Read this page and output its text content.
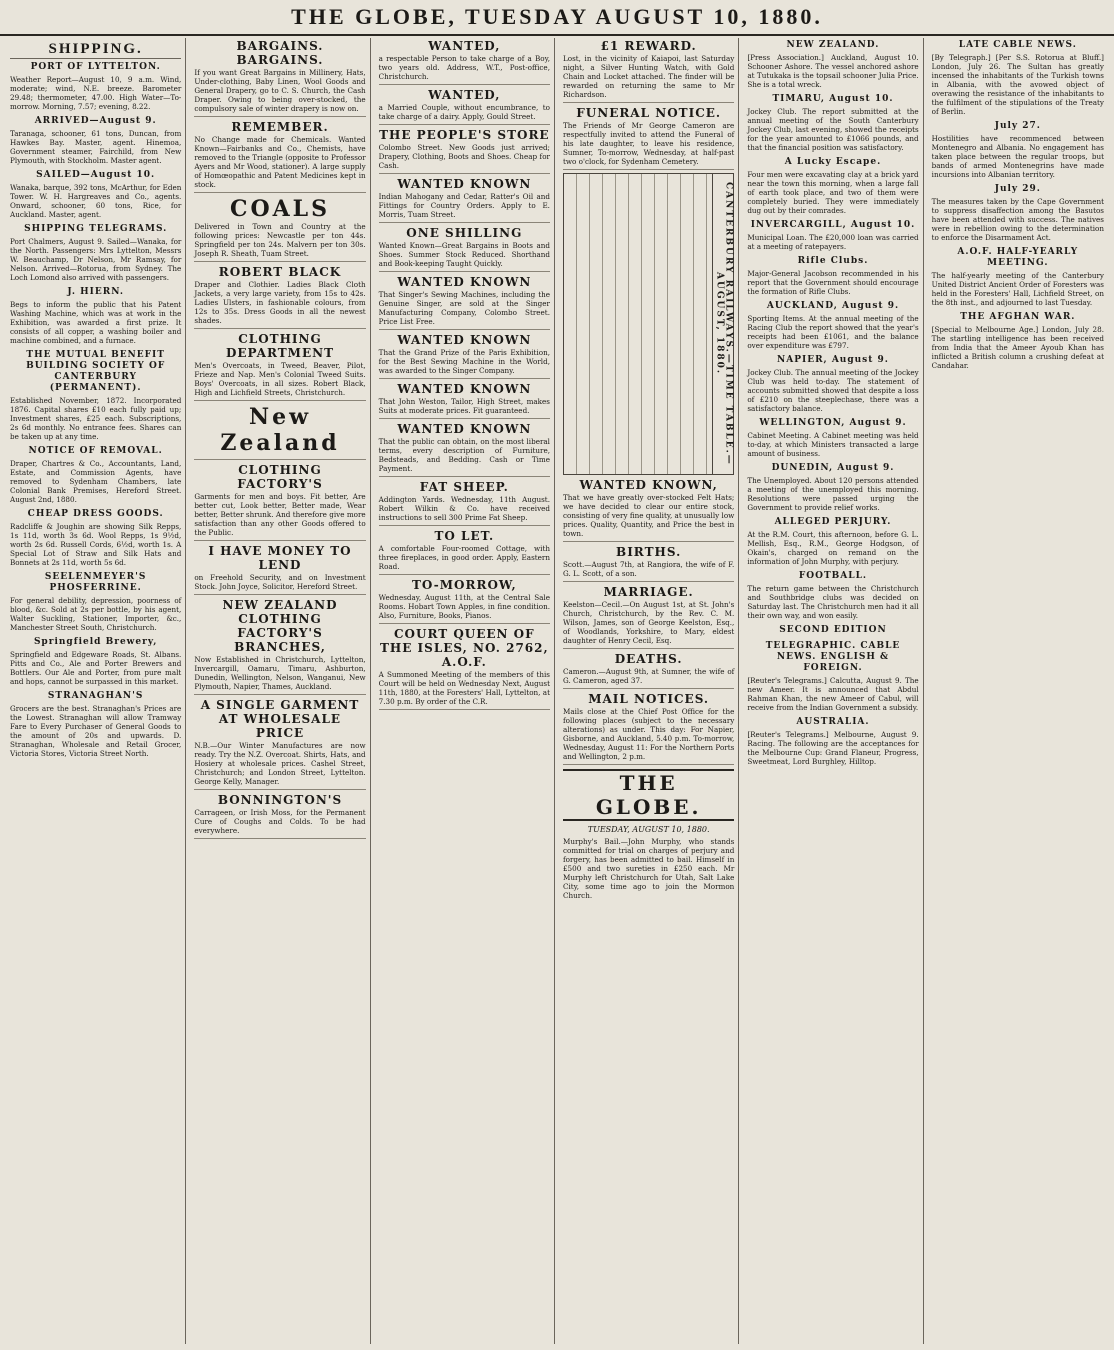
THE GLOBE, TUESDAY AUGUST 10, 1880.
SHIPPING.
PORT OF LYTTELTON.
Weather Report—August 10, 9 a.m. Wind, moderate; wind, N.E. breeze. Barometer 29.48; thermometer, 47.00. High Water—To-morrow. Morning, 7.57; evening, 8.22.
ARRIVED—August 9.
Taranaga, schooner, 61 tons, Duncan, from Hawkes Bay. Master, agent. Hinemoa, Government steamer, Fairchild, from New Plymouth, with Stockholm. Master agent.
SAILED—August 10.
Wanaka, barque, 392 tons, McArthur, for Eden Tower. W. H. Hargreaves and Co., agents. Onward, schooner, 60 tons, Rice, for Auckland. Master, agent.
SHIPPING TELEGRAMS.
Port Chalmers, August 9. Sailed—Wanaka, for the North. Passengers: Mrs Lyttelton, Messrs W. Beauchamp, Dr Nelson, Mr Ramsay, for Nelson. Arrived—Rotorua, from Sydney. The Loch Lomond also arrived with passengers.
J. HIERN.
Begs to inform the public that his Patent Washing Machine, which was at work in the Exhibition, was awarded a first prize. It consists of all copper, a washing boiler and machine combined, and a furnace.
THE MUTUAL BENEFIT BUILDING SOCIETY OF CANTERBURY (PERMANENT).
Established November, 1872. Incorporated 1876. Capital shares £10 each fully paid up; Investment shares, £25 each. Subscriptions, 2s 6d monthly. No entrance fees. Shares can be taken up at any time.
NOTICE OF REMOVAL.
Draper, Chartres & Co., Accountants, Land, Estate, and Commission Agents, have removed to Sydenham Chambers, late Colonial Bank Premises, Hereford Street. August 2nd, 1880.
CHEAP DRESS GOODS.
Radcliffe & Joughin are showing Silk Repps, 1s 11d, worth 3s 6d. Wool Repps, 1s 9½d, worth 2s 6d. Russell Cords, 6½d, worth 1s. A Special Lot of Straw and Silk Hats and Bonnets at 2s 11d, worth 5s 6d.
SEELENMEYER'S PHOSFERRINE.
For general debility, depression, poorness of blood, &c. Sold at 2s per bottle, by his agent, Walter Suckling, Stationer, Importer, &c., Manchester Street South, Christchurch.
Springfield Brewery,
Springfield and Edgeware Roads, St. Albans. Pitts and Co., Ale and Porter Brewers and Bottlers. Our Ale and Porter, from pure malt and hops, cannot be surpassed in this market.
STRANAGHAN'S
Grocers are the best. Stranaghan's Prices are the Lowest. Stranaghan will allow Tramway Fare to Every Purchaser of General Goods to the amount of 20s and upwards. D. Stranaghan, Wholesale and Retail Grocer, Victoria Stores, Victoria Street North.
BARGAINS. BARGAINS.
If you want Great Bargains in Millinery, Hats, Under-clothing, Baby Linen, Wool Goods and General Drapery, go to C. S. Church, the Cash Draper. Owing to being over-stocked, the compulsory sale of winter drapery is now on.
REMEMBER.
No Change made for Chemicals. Wanted Known—Fairbanks and Co., Chemists, have removed to the Triangle (opposite to Professor Ayers and Mr Wood, stationer). A large supply of Homœopathic and Patent Medicines kept in stock.
COALS
Delivered in Town and Country at the following prices: Newcastle per ton 44s. Springfield per ton 24s. Malvern per ton 30s. Joseph R. Sheath, Tuam Street.
ROBERT BLACK
Draper and Clothier. Ladies Black Cloth Jackets, a very large variety, from 15s to 42s. Ladies Ulsters, in fashionable colours, from 12s to 35s. Dress Goods in all the newest shades.
CLOTHING DEPARTMENT
Men's Overcoats, in Tweed, Beaver, Pilot, Frieze and Nap. Men's Colonial Tweed Suits. Boys' Overcoats, in all sizes. Robert Black, High and Lichfield Streets, Christchurch.
New Zealand
CLOTHING FACTORY'S
Garments for men and boys. Fit better, Are better cut, Look better, Better made, Wear better, Better shrunk. And therefore give more satisfaction than any other Goods offered to the Public.
I HAVE MONEY TO LEND
on Freehold Security, and on Investment Stock. John Joyce, Solicitor, Hereford Street.
NEW ZEALAND CLOTHING FACTORY'S BRANCHES,
Now Established in Christchurch, Lyttelton, Invercargill, Oamaru, Timaru, Ashburton, Dunedin, Wellington, Nelson, Wanganui, New Plymouth, Napier, Thames, Auckland.
A SINGLE GARMENT AT WHOLESALE PRICE
N.B.—Our Winter Manufactures are now ready. Try the N.Z. Overcoat. Shirts, Hats, and Hosiery at wholesale prices. Cashel Street, Christchurch; and London Street, Lyttelton. George Kelly, Manager.
BONNINGTON'S
Carrageen, or Irish Moss, for the Permanent Cure of Coughs and Colds. To be had everywhere.
WANTED,
a respectable Person to take charge of a Boy, two years old. Address, W.T., Post-office, Christchurch.
WANTED,
a Married Couple, without encumbrance, to take charge of a dairy. Apply, Gould Street.
THE PEOPLE'S STORE
Colombo Street. New Goods just arrived; Drapery, Clothing, Boots and Shoes. Cheap for Cash.
WANTED KNOWN
Indian Mahogany and Cedar, Ratter's Oil and Fittings for Country Orders. Apply to E. Morris, Tuam Street.
ONE SHILLING
Wanted Known—Great Bargains in Boots and Shoes. Summer Stock Reduced. Shorthand and Book-keeping Taught Quickly.
WANTED KNOWN
That Singer's Sewing Machines, including the Genuine Singer, are sold at the Singer Manufacturing Company, Colombo Street. Price List Free.
WANTED KNOWN
That the Grand Prize of the Paris Exhibition, for the Best Sewing Machine in the World, was awarded to the Singer Company.
WANTED KNOWN
That John Weston, Tailor, High Street, makes Suits at moderate prices. Fit guaranteed.
WANTED KNOWN
That the public can obtain, on the most liberal terms, every description of Furniture, Bedsteads, and Bedding. Cash or Time Payment.
FAT SHEEP.
Addington Yards. Wednesday, 11th August. Robert Wilkin & Co. have received instructions to sell 300 Prime Fat Sheep.
TO LET.
A comfortable Four-roomed Cottage, with three fireplaces, in good order. Apply, Eastern Road.
TO-MORROW,
Wednesday, August 11th, at the Central Sale Rooms. Hobart Town Apples, in fine condition. Also, Furniture, Books, Pianos.
COURT QUEEN OF THE ISLES, NO. 2762, A.O.F.
A Summoned Meeting of the members of this Court will be held on Wednesday Next, August 11th, 1880, at the Foresters' Hall, Lyttelton, at 7.30 p.m. By order of the C.R.
£1 REWARD.
Lost, in the vicinity of Kaiapoi, last Saturday night, a Silver Hunting Watch, with Gold Chain and Locket attached. The finder will be rewarded on returning the same to Mr Richardson.
FUNERAL NOTICE.
The Friends of Mr George Cameron are respectfully invited to attend the Funeral of his late daughter, to leave his residence, Sumner, To-morrow, Wednesday, at half-past two o'clock, for Sydenham Cemetery.
CANTERBURY RAILWAYS.—TIME TABLE.—AUGUST, 1880.
WANTED KNOWN,
That we have greatly over-stocked Felt Hats; we have decided to clear our entire stock, consisting of very fine quality, at unusually low prices. Quality, Quantity, and Price the best in town.
BIRTHS.
Scott.—August 7th, at Rangiora, the wife of F. G. L. Scott, of a son.
MARRIAGE.
Keelston—Cecil.—On August 1st, at St. John's Church, Christchurch, by the Rev. C. M. Wilson, James, son of George Keelston, Esq., of Woodlands, Yorkshire, to Mary, eldest daughter of Henry Cecil, Esq.
DEATHS.
Cameron.—August 9th, at Sumner, the wife of G. Cameron, aged 37.
MAIL NOTICES.
Mails close at the Chief Post Office for the following places (subject to the necessary alterations) as under. This day: For Napier, Gisborne, and Auckland, 5.40 p.m. To-morrow, Wednesday, August 11: For the Northern Ports and Wellington, 2 p.m.
THE GLOBE.
TUESDAY, AUGUST 10, 1880.
Murphy's Bail.—John Murphy, who stands committed for trial on charges of perjury and forgery, has been admitted to bail. Himself in £500 and two sureties in £250 each. Mr Murphy left Christchurch for Utah, Salt Lake City, some time ago to join the Mormon Church.
NEW ZEALAND.
[Press Association.] Auckland, August 10. Schooner Ashore. The vessel anchored ashore at Tutukaka is the topsail schooner Julia Price. She is a total wreck.
TIMARU, August 10.
Jockey Club. The report submitted at the annual meeting of the South Canterbury Jockey Club, last evening, showed the receipts for the year amounted to £1066 pounds, and that the financial position was satisfactory.
A Lucky Escape.
Four men were excavating clay at a brick yard near the town this morning, when a large fall of earth took place, and two of them were completely buried. They were immediately dug out by their comrades.
INVERCARGILL, August 10.
Municipal Loan. The £20,000 loan was carried at a meeting of ratepayers.
Rifle Clubs.
Major-General Jacobson recommended in his report that the Government should encourage the formation of Rifle Clubs.
AUCKLAND, August 9.
Sporting Items. At the annual meeting of the Racing Club the report showed that the year's receipts had been £1061, and the balance over expenditure was £797.
NAPIER, August 9.
Jockey Club. The annual meeting of the Jockey Club was held to-day. The statement of accounts submitted showed that despite a loss of £210 on the steeplechase, there was a satisfactory balance.
WELLINGTON, August 9.
Cabinet Meeting. A Cabinet meeting was held to-day, at which Ministers transacted a large amount of business.
DUNEDIN, August 9.
The Unemployed. About 120 persons attended a meeting of the unemployed this morning. Resolutions were passed urging the Government to provide relief works.
ALLEGED PERJURY.
At the R.M. Court, this afternoon, before G. L. Mellish, Esq., R.M., George Hodgson, of Okain's, charged on remand on the information of John Murphy, with perjury.
FOOTBALL.
The return game between the Christchurch and Southbridge clubs was decided on Saturday last. The Christchurch men had it all their own way, and won easily.
SECOND EDITION
TELEGRAPHIC. CABLE NEWS. ENGLISH & FOREIGN.
[Reuter's Telegrams.] Calcutta, August 9. The new Ameer. It is announced that Abdul Rahman Khan, the new Ameer of Cabul, will receive from the Indian Government a subsidy.
AUSTRALIA.
[Reuter's Telegrams.] Melbourne, August 9. Racing. The following are the acceptances for the Melbourne Cup: Grand Flaneur, Progress, Sweetmeat, Lord Burghley, Hilltop.
LATE CABLE NEWS.
[By Telegraph.] [Per S.S. Rotorua at Bluff.] London, July 26. The Sultan has greatly incensed the inhabitants of the Turkish towns in Albania, with the avowed object of overawing the resistance of the inhabitants to the fulfilment of the stipulations of the Treaty of Berlin.
July 27.
Hostilities have recommenced between Montenegro and Albania. No engagement has taken place between the regular troops, but bands of armed Montenegrins have made incursions into Albanian territory.
July 29.
The measures taken by the Cape Government to suppress disaffection among the Basutos have been attended with success. The natives were in rebellion owing to the determination to enforce the Disarmament Act.
A.O.F. HALF-YEARLY MEETING.
The half-yearly meeting of the Canterbury United District Ancient Order of Foresters was held in the Foresters' Hall, Lichfield Street, on the 8th inst., and adjourned to last Tuesday.
THE AFGHAN WAR.
[Special to Melbourne Age.] London, July 28. The startling intelligence has been received from India that the Ameer Ayoub Khan has inflicted a British column a crushing defeat at Candahar.
